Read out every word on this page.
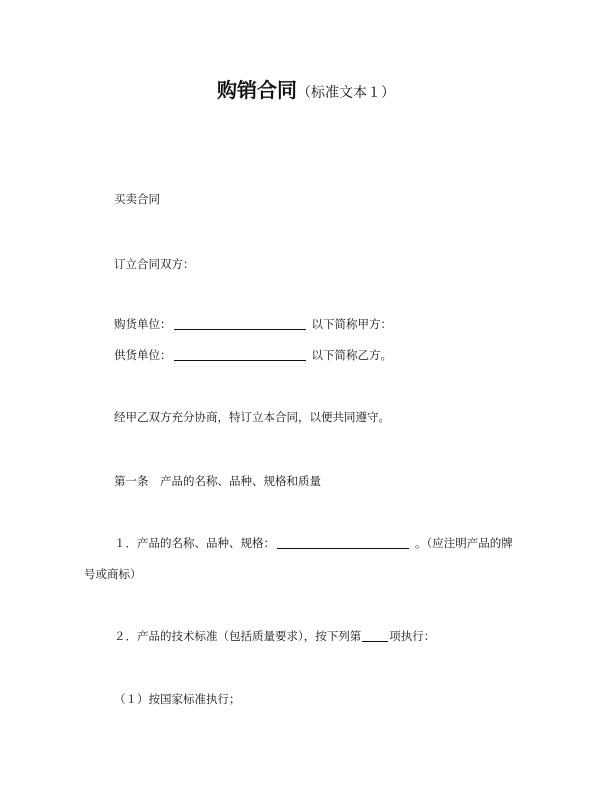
购销合同（标准文本１）
买卖合同
订立合同双方：
购货单位：	以下简称甲方：
供货单位：	以下简称乙方。
经甲乙双方充分协商，特订立本合同，以便共同遵守。
第一条　产品的名称、品种、规格和质量
１．产品的名称、品种、规格：	。（应注明产品的牌
号或商标）
２．产品的技术标准（包括质量要求），按下列第 项执行：
（１）按国家标准执行；
